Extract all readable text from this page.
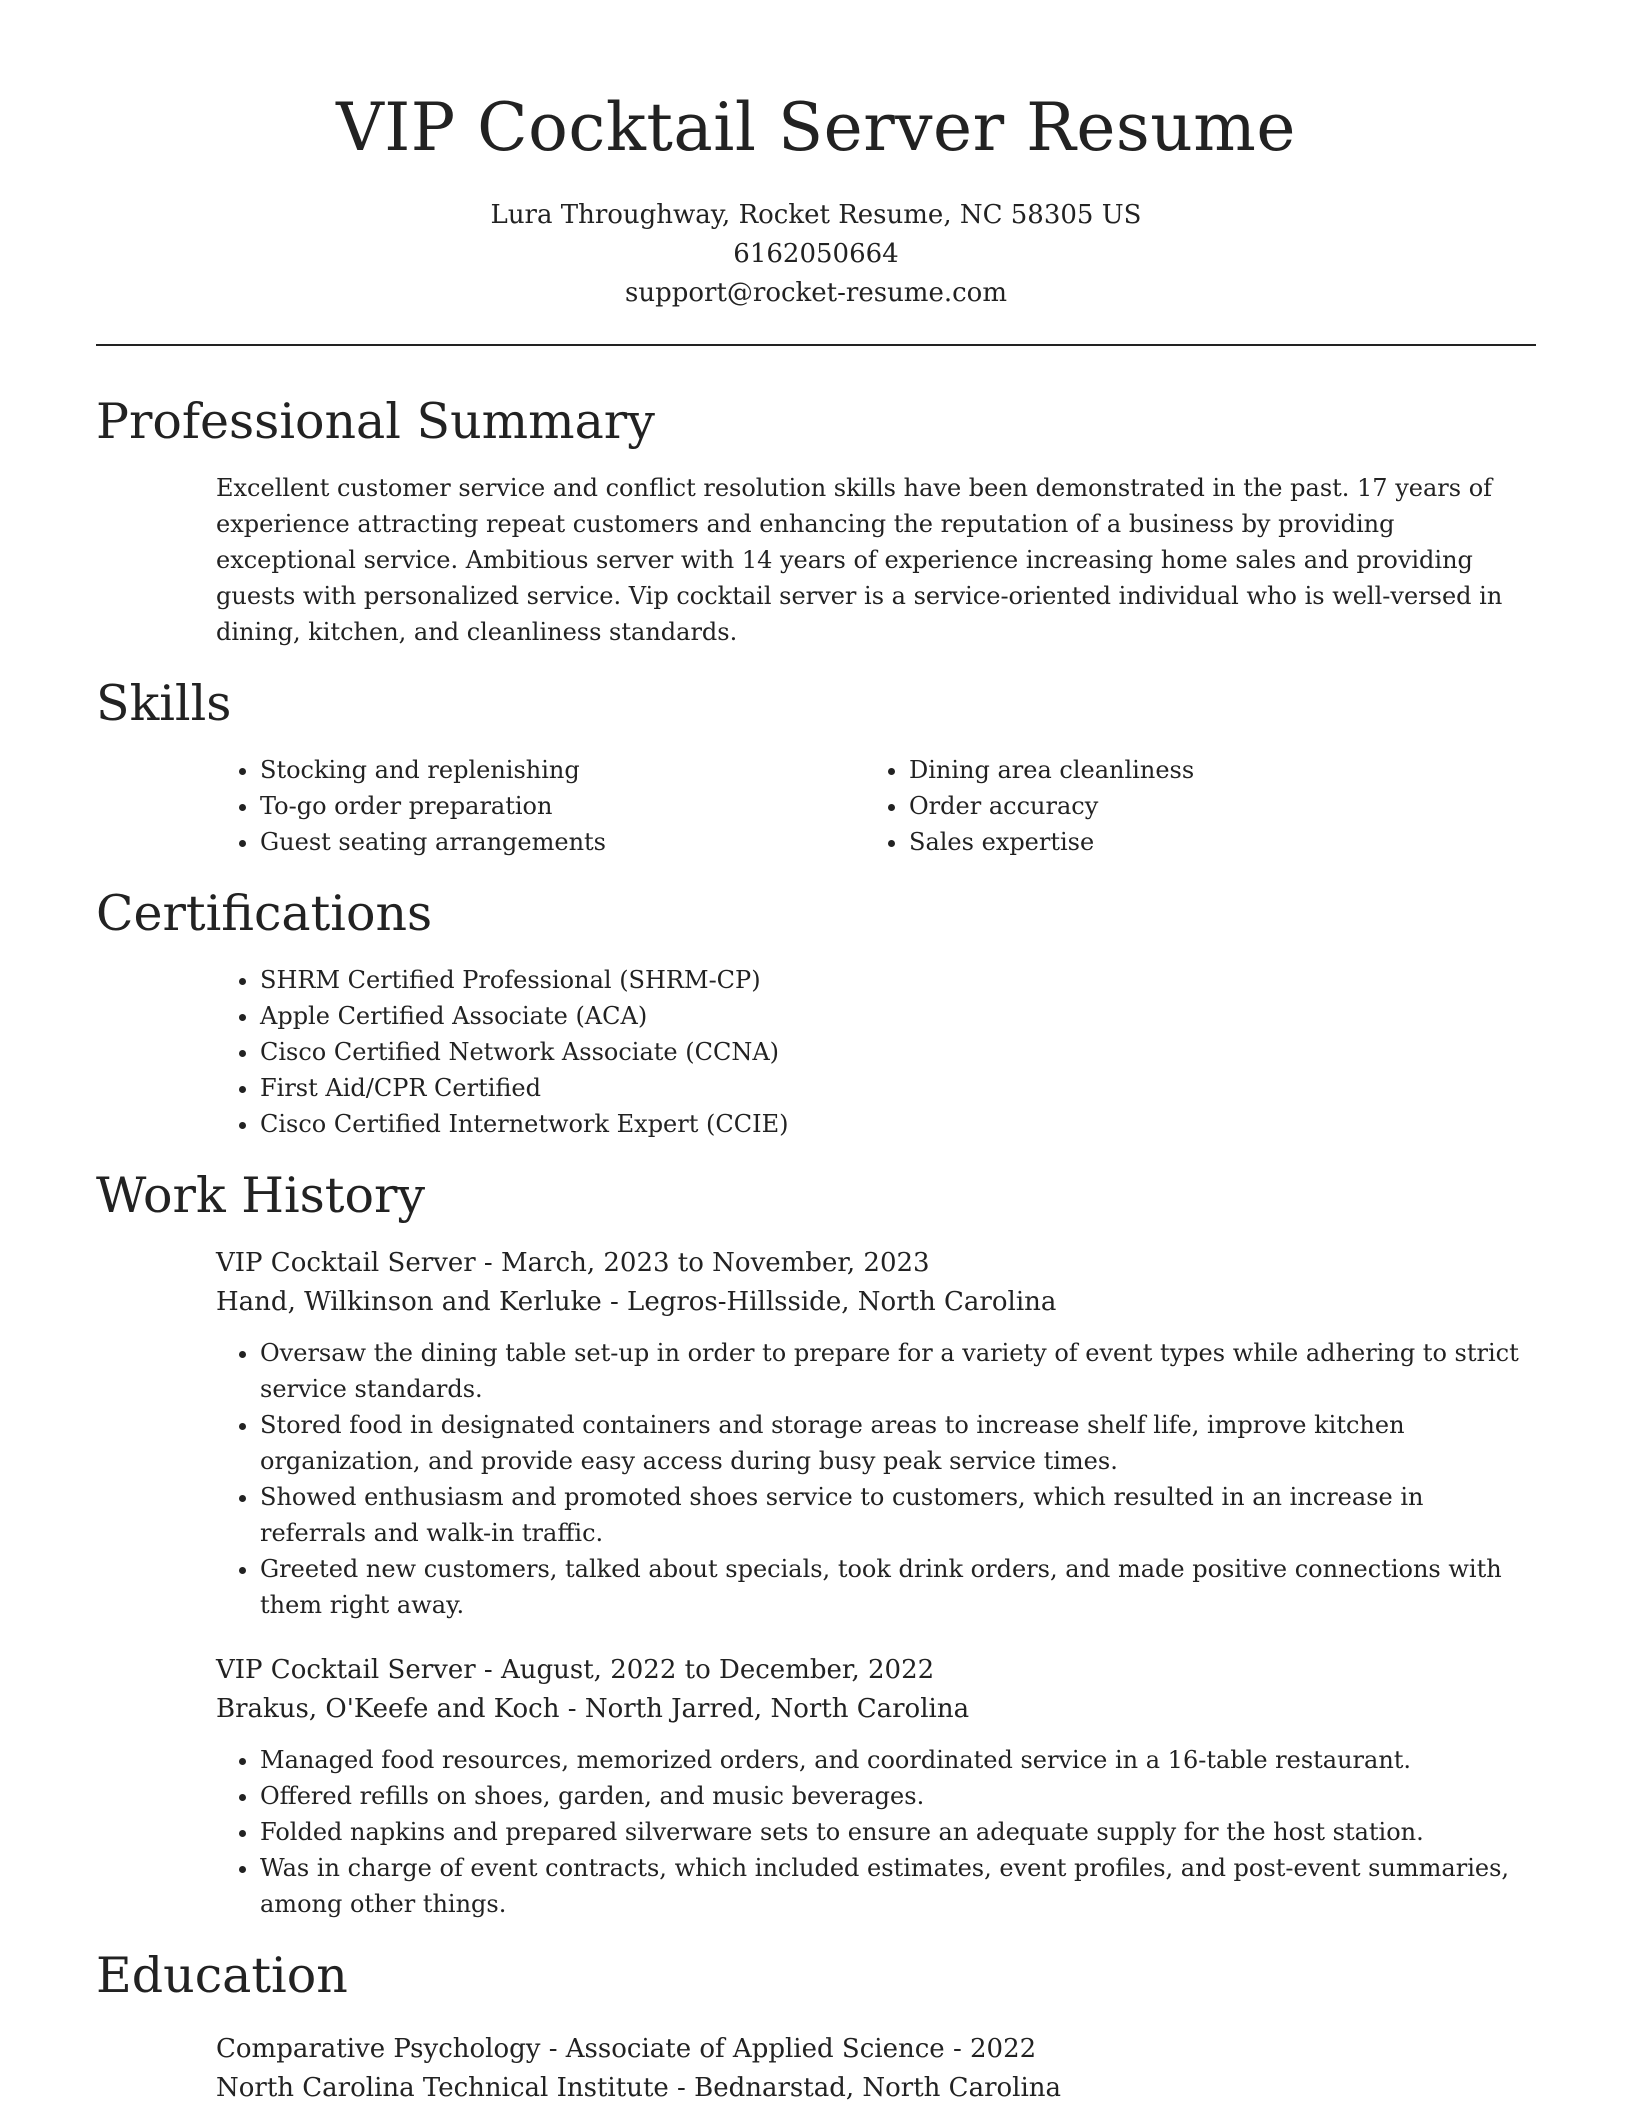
VIP Cocktail Server Resume
Lura Throughway, Rocket Resume, NC 58305 US
6162050664
support@rocket-resume.com
Professional Summary
Excellent customer service and conflict resolution skills have been demonstrated in the past. 17 years of experience attracting repeat customers and enhancing the reputation of a business by providing exceptional service. Ambitious server with 14 years of experience increasing home sales and providing guests with personalized service. Vip cocktail server is a service-oriented individual who is well-versed in dining, kitchen, and cleanliness standards.
Skills
• Stocking and replenishing
• To-go order preparation
• Guest seating arrangements
• Dining area cleanliness
• Order accuracy
• Sales expertise
Certifications
• SHRM Certified Professional (SHRM-CP)
• Apple Certified Associate (ACA)
• Cisco Certified Network Associate (CCNA)
• First Aid/CPR Certified
• Cisco Certified Internetwork Expert (CCIE)
Work History
VIP Cocktail Server - March, 2023 to November, 2023
Hand, Wilkinson and Kerluke - Legros-Hillsside, North Carolina
• Oversaw the dining table set-up in order to prepare for a variety of event types while adhering to strict service standards.
• Stored food in designated containers and storage areas to increase shelf life, improve kitchen organization, and provide easy access during busy peak service times.
• Showed enthusiasm and promoted shoes service to customers, which resulted in an increase in referrals and walk-in traffic.
• Greeted new customers, talked about specials, took drink orders, and made positive connections with them right away.
VIP Cocktail Server - August, 2022 to December, 2022
Brakus, O'Keefe and Koch - North Jarred, North Carolina
• Managed food resources, memorized orders, and coordinated service in a 16-table restaurant.
• Offered refills on shoes, garden, and music beverages.
• Folded napkins and prepared silverware sets to ensure an adequate supply for the host station.
• Was in charge of event contracts, which included estimates, event profiles, and post-event summaries, among other things.
Education
Comparative Psychology - Associate of Applied Science - 2022
North Carolina Technical Institute - Bednarstad, North Carolina
